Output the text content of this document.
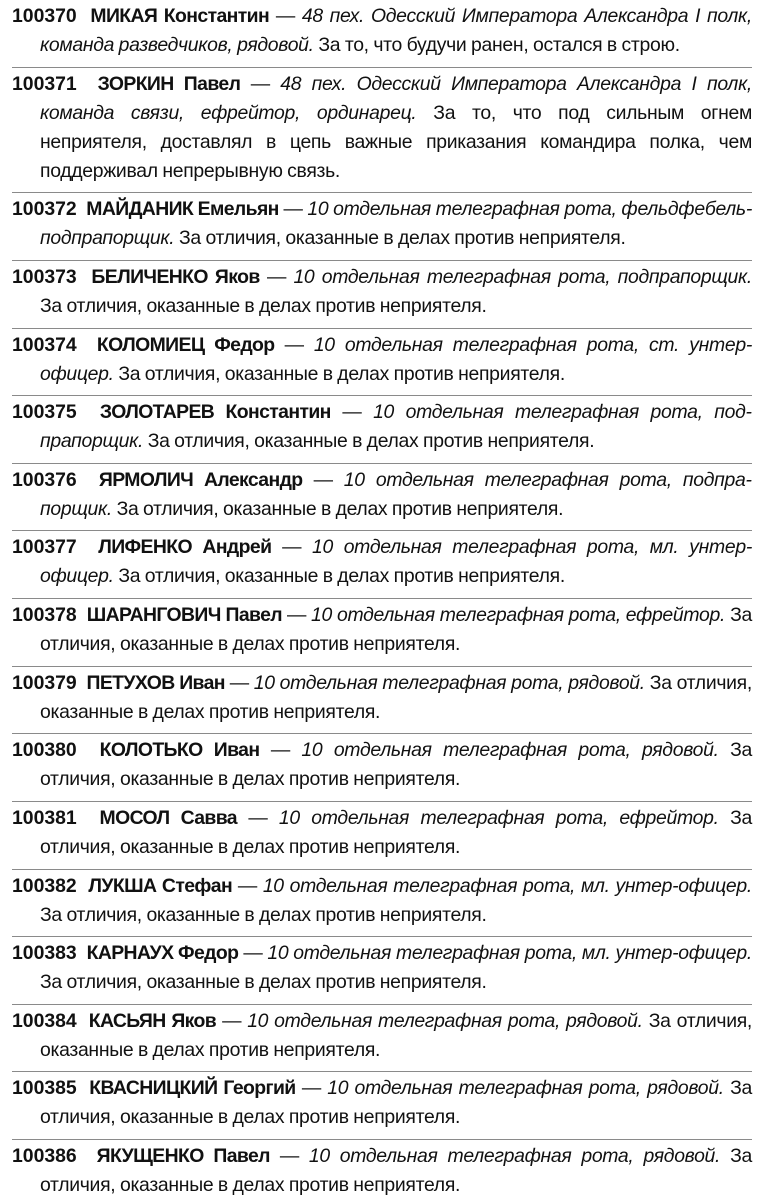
100370 МИКАЯ Константин — 48 пех. Одесский Императора Александра I полк, команда разведчиков, рядовой. За то, что будучи ранен, остался в строю.
100371 ЗОРКИН Павел — 48 пех. Одесский Императора Александра I полк, команда связи, ефрейтор, ординарец. За то, что под сильным огнем неприятеля, доставлял в цепь важные приказания командира полка, чем поддерживал непрерывную связь.
100372 МАЙДАНИК Емельян — 10 отдельная телеграфная рота, фельдфебель-подпрапорщик. За отличия, оказанные в делах против неприятеля.
100373 БЕЛИЧЕНКО Яков — 10 отдельная телеграфная рота, подпрапорщик. За отличия, оказанные в делах против неприятеля.
100374 КОЛОМИЕЦ Федор — 10 отдельная телеграфная рота, ст. унтер-офицер. За отличия, оказанные в делах против неприятеля.
100375 ЗОЛОТАРЕВ Константин — 10 отдельная телеграфная рота, подпрапорщик. За отличия, оказанные в делах против неприятеля.
100376 ЯРМОЛИЧ Александр — 10 отдельная телеграфная рота, подпрапорщик. За отличия, оказанные в делах против неприятеля.
100377 ЛИФЕНКО Андрей — 10 отдельная телеграфная рота, мл. унтер-офицер. За отличия, оказанные в делах против неприятеля.
100378 ШАРАНГОВИЧ Павел — 10 отдельная телеграфная рота, ефрейтор. За отличия, оказанные в делах против неприятеля.
100379 ПЕТУХОВ Иван — 10 отдельная телеграфная рота, рядовой. За отличия, оказанные в делах против неприятеля.
100380 КОЛОТЬКО Иван — 10 отдельная телеграфная рота, рядовой. За отличия, оказанные в делах против неприятеля.
100381 МОСОЛ Савва — 10 отдельная телеграфная рота, ефрейтор. За отличия, оказанные в делах против неприятеля.
100382 ЛУКША Стефан — 10 отдельная телеграфная рота, мл. унтер-офицер. За отличия, оказанные в делах против неприятеля.
100383 КАРНАУХ Федор — 10 отдельная телеграфная рота, мл. унтер-офицер. За отличия, оказанные в делах против неприятеля.
100384 КАСЬЯН Яков — 10 отдельная телеграфная рота, рядовой. За отличия, оказанные в делах против неприятеля.
100385 КВАСНИЦКИЙ Георгий — 10 отдельная телеграфная рота, рядовой. За отличия, оказанные в делах против неприятеля.
100386 ЯКУЩЕНКО Павел — 10 отдельная телеграфная рота, рядовой. За отличия, оказанные в делах против неприятеля.
